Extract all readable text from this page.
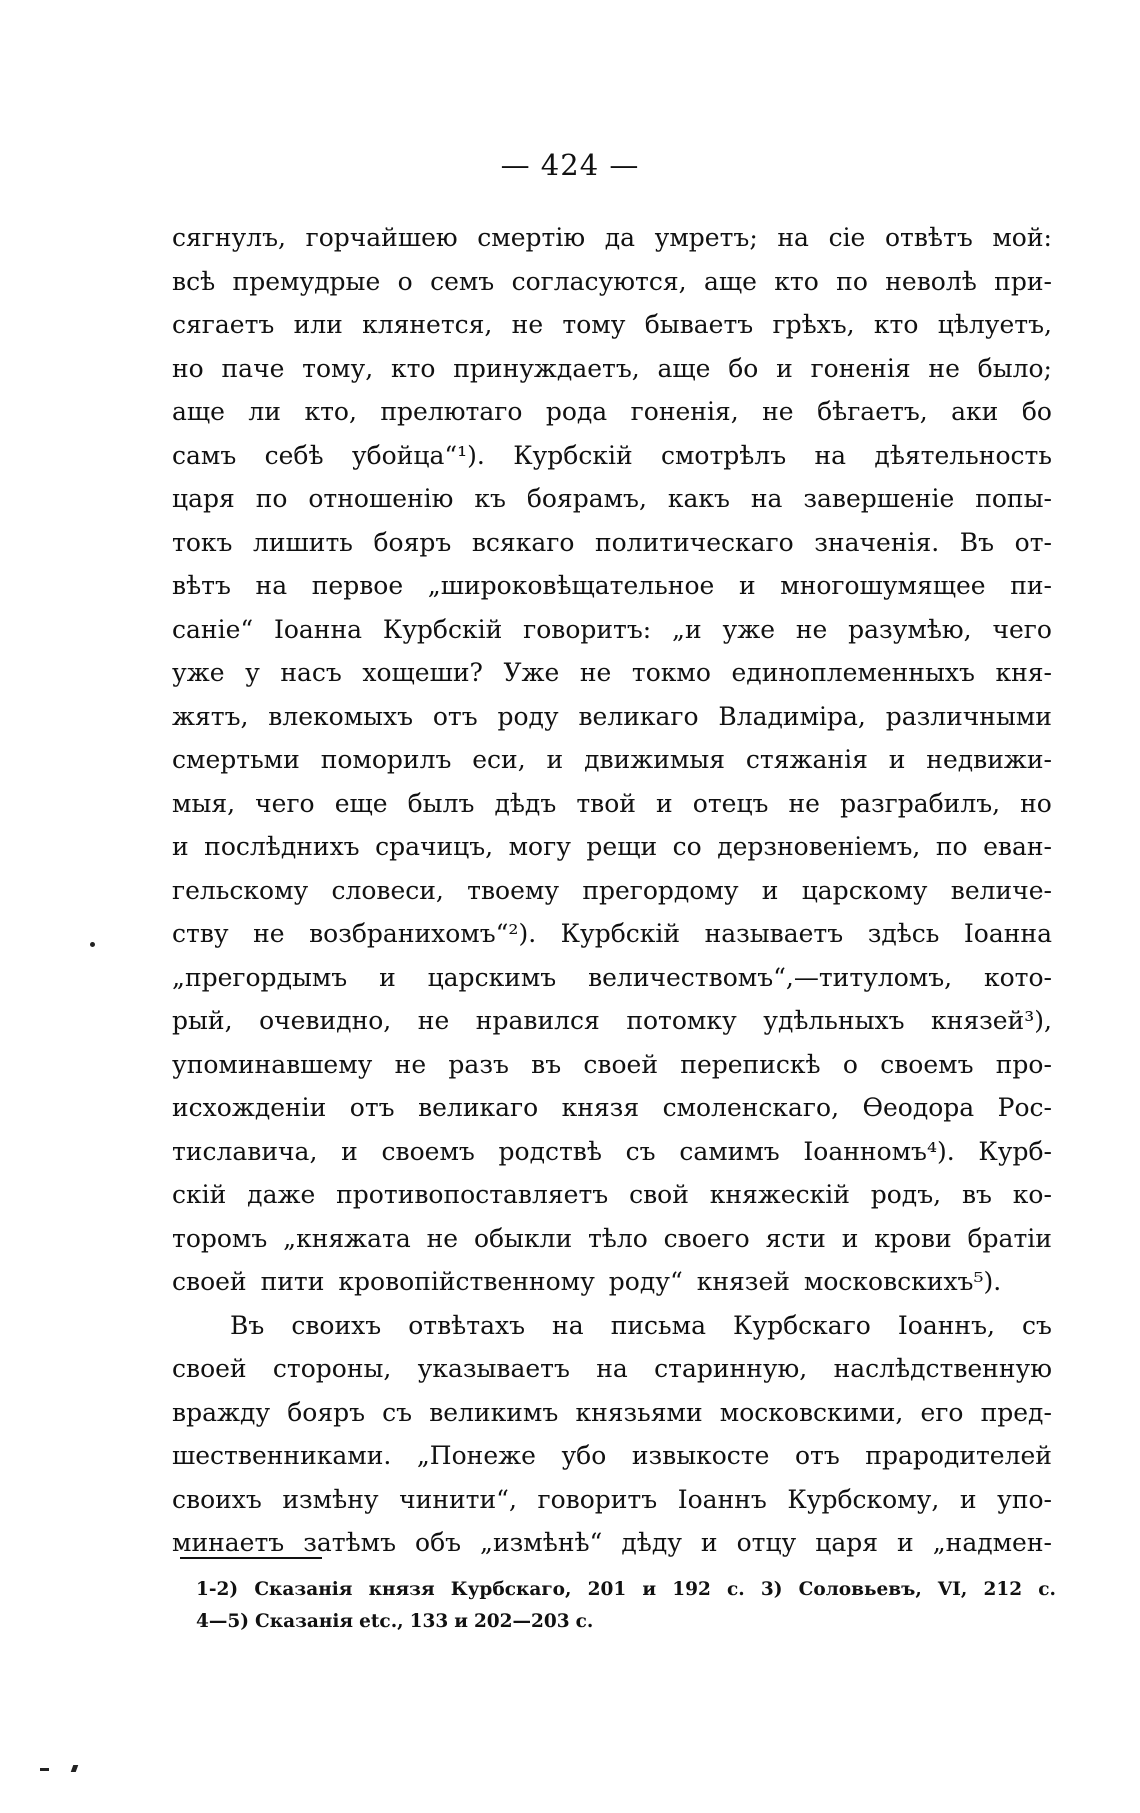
— 424 —
сягнулъ, горчайшею смертію да умретъ; на сіе отвѣтъ мой:
всѣ премудрые о семъ согласуются, аще кто по неволѣ при-
сягаетъ или клянется, не тому бываетъ грѣхъ, кто цѣлуетъ,
но паче тому, кто принуждаетъ, аще бо и гоненія не было;
аще ли кто, прелютаго рода гоненія, не бѣгаетъ, аки бо
самъ себѣ убойца“¹). Курбскій смотрѣлъ на дѣятельность
царя по отношенію къ боярамъ, какъ на завершеніе попы-
токъ лишить бояръ всякаго политическаго значенія. Въ от-
вѣтъ на первое „широковѣщательное и многошумящее пи-
саніе“ Іоанна Курбскій говоритъ: „и уже не разумѣю, чего
уже у насъ хощеши? Уже не токмо единоплеменныхъ кня-
жятъ, влекомыхъ отъ роду великаго Владиміра, различными
смертьми поморилъ еси, и движимыя стяжанія и недвижи-
мыя, чего еще былъ дѣдъ твой и отецъ не разграбилъ, но
и послѣднихъ срачицъ, могу рещи со дерзновеніемъ, по еван-
гельскому словеси, твоему прегордому и царскому величе-
ству не возбранихомъ“²). Курбскій называетъ здѣсь Іоанна
„прегордымъ и царскимъ величествомъ“,—титуломъ, кото-
рый, очевидно, не нравился потомку удѣльныхъ князей³),
упоминавшему не разъ въ своей перепискѣ о своемъ про-
исхожденіи отъ великаго князя смоленскаго, Ѳеодора Рос-
тиславича, и своемъ родствѣ съ самимъ Іоанномъ⁴). Курб-
скій даже противопоставляетъ свой княжескій родъ, въ ко-
торомъ „княжата не обыкли тѣло своего ясти и крови братіи
своей пити кровопійственному роду“ князей московскихъ⁵).
Въ своихъ отвѣтахъ на письма Курбскаго Іоаннъ, съ
своей стороны, указываетъ на старинную, наслѣдственную
вражду бояръ съ великимъ князьями московскими, его пред-
шественниками. „Понеже убо извыкосте отъ прародителей
своихъ измѣну чинити“, говоритъ Іоаннъ Курбскому, и упо-
минаетъ затѣмъ объ „измѣнѣ“ дѣду и отцу царя и „надмен-
1-2) Сказанія князя Курбскаго, 201 и 192 с. 3) Соловьевъ, VI, 212 с.
4—5) Сказанія etc., 133 и 202—203 с.
